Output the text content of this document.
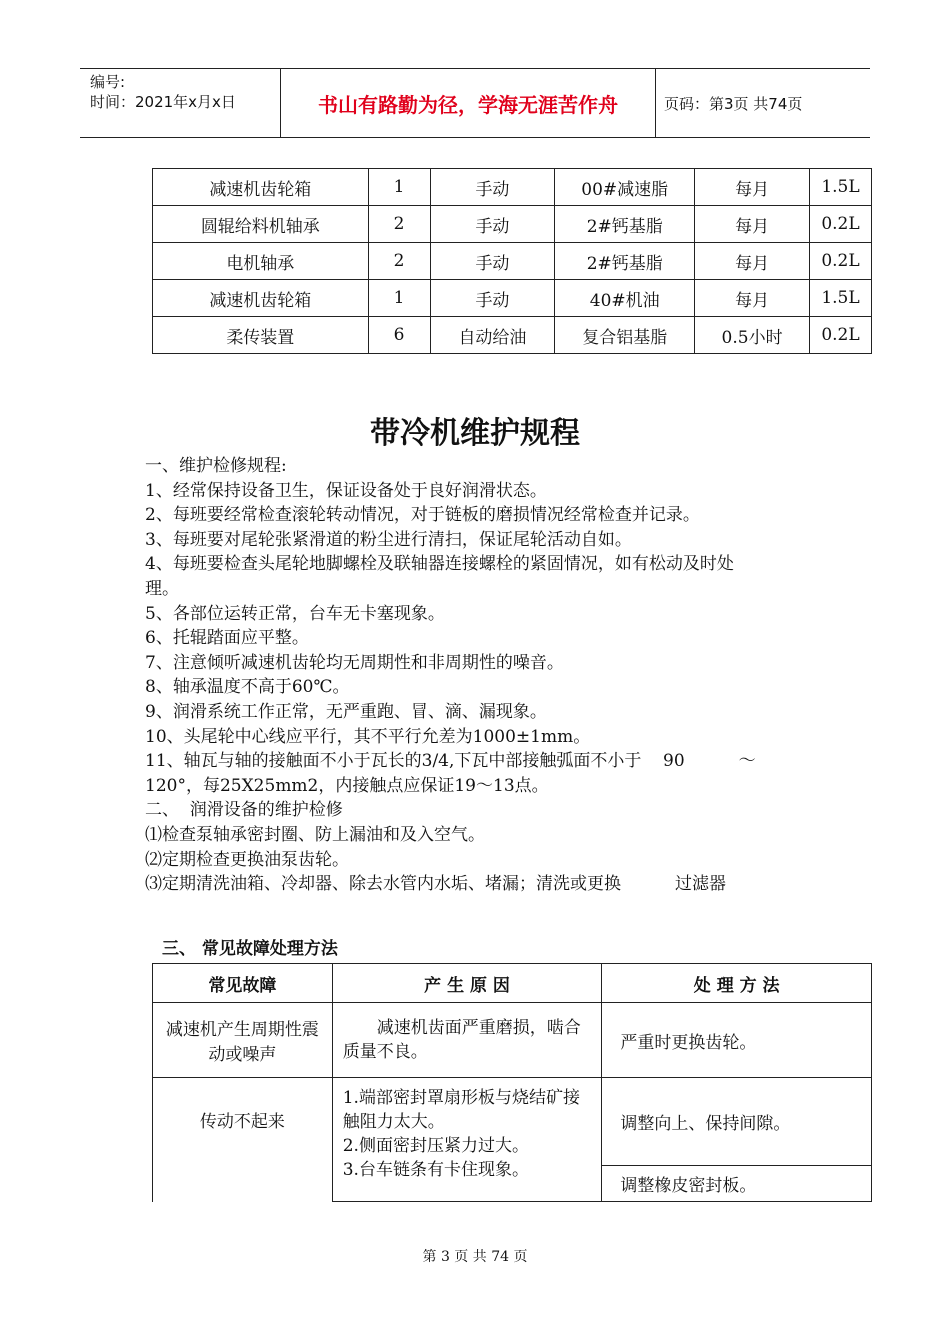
编号:
时间：2021年x月x日	书山有路勤为径，学海无涯苦作舟	页码：第3页 共74页
减速机齿轮箱	1	手动	00#减速脂	每月	1.5L
圆辊给料机轴承	2	手动	2#钙基脂	每月	0.2L
电机轴承	2	手动	2#钙基脂	每月	0.2L
减速机齿轮箱	1	手动	40#机油	每月	1.5L
柔传装置	6	自动给油	复合铝基脂	0.5小时	0.2L
带冷机维护规程

一、维护检修规程:

1、经常保持设备卫生，保证设备处于良好润滑状态。

2、每班要经常检查滚轮转动情况，对于链板的磨损情况经常检查并记录。

3、每班要对尾轮张紧滑道的粉尘进行清扫，保证尾轮活动自如。

4、每班要检查头尾轮地脚螺栓及联轴器连接螺栓的紧固情况，如有松动及时处

理。

5、各部位运转正常，台车无卡塞现象。

6、托辊踏面应平整。

7、注意倾听减速机齿轮均无周期性和非周期性的噪音。

8、轴承温度不高于60℃。

9、润滑系统工作正常，无严重跑、冒、滴、漏现象。

10、头尾轮中心线应平行，其不平行允差为1000±1mm。

11、轴瓦与轴的接触面不小于瓦长的3/4,下瓦中部接触弧面不小于    90          ～

120°，每25X25mm2，内接触点应保证19～13点。

二、  润滑设备的维护检修

⑴检查泵轴承密封圈、防上漏油和及入空气。

⑵定期检查更换油泵齿轮。

⑶定期清洗油箱、冷却器、除去水管内水垢、堵漏；清洗或更换          过滤器

三、 常见故障处理方法
常见故障	产 生 原 因	处 理 方 法
减速机产生周期性震动或噪声	减速机齿面严重磨损，啮合质量不良。	严重时更换齿轮。
传动不起来	1.端部密封罩扇形板与烧结矿接触阻力太大。
2.侧面密封压紧力过大。
3.台车链条有卡住现象。	调整向上、保持间隙。
		调整橡皮密封板。
第 3 页 共 74 页
